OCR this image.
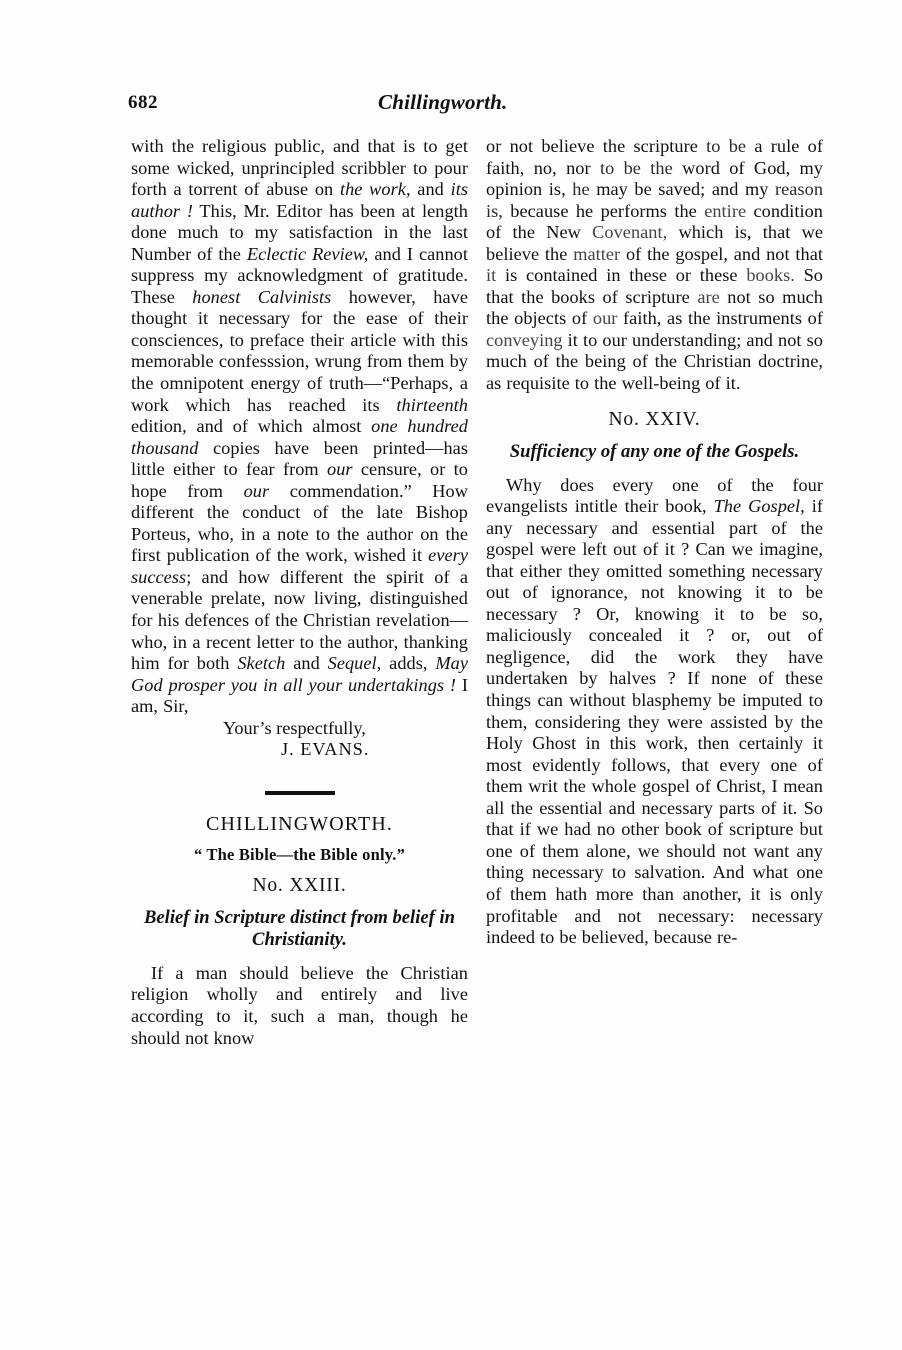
682	Chillingworth.

with the religious public, and that is to get some wicked, unprincipled scribbler to pour forth a torrent of abuse on the work, and its author ! This, Mr. Editor has been at length done much to my satisfaction in the last Number of the Eclectic Review, and I cannot suppress my acknowledgment of gratitude. These honest Calvinists however, have thought it necessary for the ease of their consciences, to preface their article with this memorable confesssion, wrung from them by the omnipotent energy of truth—“Perhaps, a work which has reached its thirteenth edition, and of which almost one hundred thousand copies have been printed—has little either to fear from our censure, or to hope from our commendation.” How different the conduct of the late Bishop Porteus, who, in a note to the author on the first publication of the work, wished it every success; and how different the spirit of a venerable prelate, now living, distinguished for his defences of the Christian revelation—who, in a recent letter to the author, thanking him for both Sketch and Sequel, adds, May God prosper you in all your undertakings ! I am, Sir,

Your’s respectfully,
J. EVANS.

CHILLINGWORTH.
“ The Bible—the Bible only.”
No. XXIII.
Belief in Scripture distinct from belief in Christianity.

If a man should believe the Christian religion wholly and entirely and live according to it, such a man, though he should not know

or not believe the scripture to be a rule of faith, no, nor to be the word of God, my opinion is, he may be saved; and my reason is, because he performs the entire condition of the New Covenant, which is, that we believe the matter of the gospel, and not that it is contained in these or these books. So that the books of scripture are not so much the objects of our faith, as the instruments of conveying it to our understanding; and not so much of the being of the Christian doctrine, as requisite to the well-being of it.

No. XXIV.
Sufficiency of any one of the Gospels.

Why does every one of the four evangelists intitle their book, The Gospel, if any necessary and essential part of the gospel were left out of it ? Can we imagine, that either they omitted something necessary out of ignorance, not knowing it to be necessary ? Or, knowing it to be so, maliciously concealed it ? or, out of negligence, did the work they have undertaken by halves ? If none of these things can without blasphemy be imputed to them, considering they were assisted by the Holy Ghost in this work, then certainly it most evidently follows, that every one of them writ the whole gospel of Christ, I mean all the essential and necessary parts of it. So that if we had no other book of scripture but one of them alone, we should not want any thing necessary to salvation. And what one of them hath more than another, it is only profitable and not necessary: necessary indeed to be believed, because re-
